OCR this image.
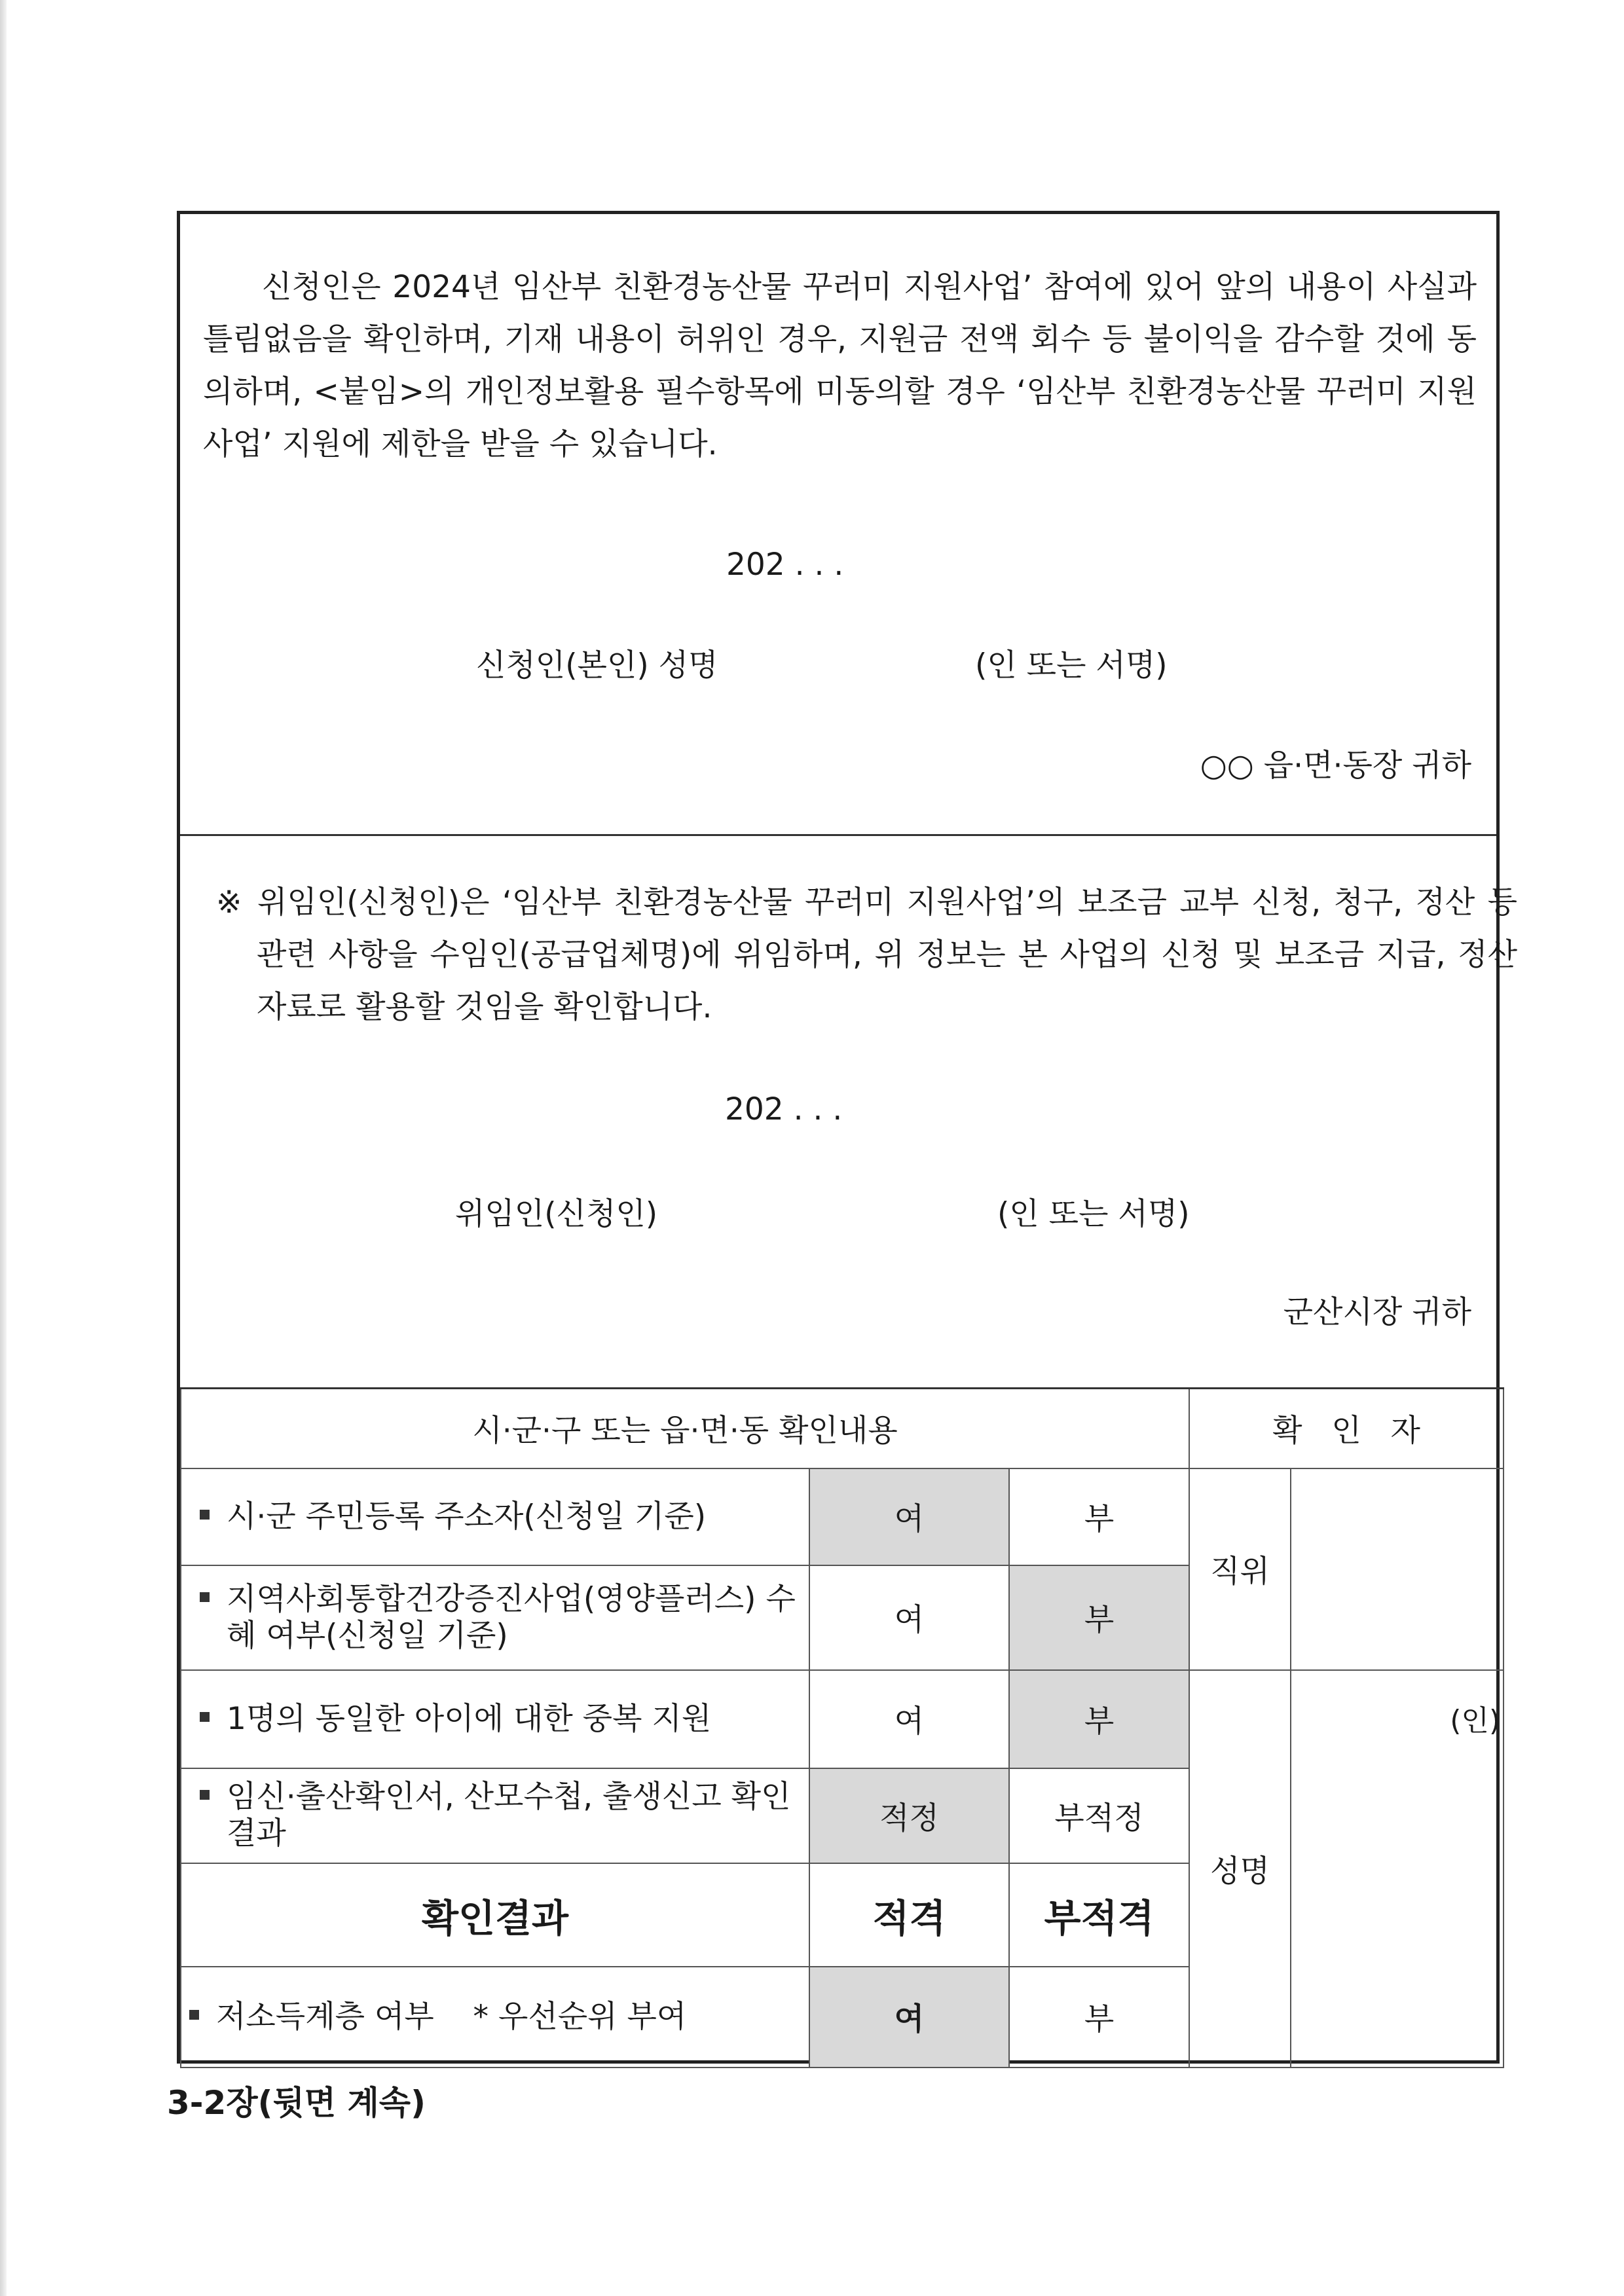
신청인은 2024년 임산부 친환경농산물 꾸러미 지원사업’ 참여에 있어 앞의 내용이 사실과 틀림없음을 확인하며, 기재 내용이 허위인 경우, 지원금 전액 회수 등 불이익을 감수할 것에 동의하며, <붙임>의 개인정보활용 필수항목에 미동의할 경우 ‘임산부 친환경농산물 꾸러미 지원사업’ 지원에 제한을 받을 수 있습니다.
202 . . .
신청인(본인) 성명	(인 또는 서명)
○○ 읍·면·동장 귀하
※ 위임인(신청인)은 ‘임산부 친환경농산물 꾸러미 지원사업’의 보조금 교부 신청, 청구, 정산 등 관련 사항을 수임인(공급업체명)에 위임하며, 위 정보는 본 사업의 신청 및 보조금 지급, 정산 자료로 활용할 것임을 확인합니다.
202 . . .
위임인(신청인)	(인 또는 서명)
군산시장 귀하
시·군·구 또는 읍·면·동 확인내용			확   인   자	
시·군 주민등록 주소자(신청일 기준)	여	부	직위	

지역사회통합건강증진사업(영양플러스) 수혜 여부(신청일 기준)	여	부		
1명의 동일한 아이에 대한 중복 지원	여	부	성명	(인)

임신·출산확인서, 산모수첩, 출생신고 확인 결과	적정	부적정		
확인결과	적격	부적격		
저소득계층 여부    * 우선순위 부여	여	부		
3-2장(뒷면 계속)
